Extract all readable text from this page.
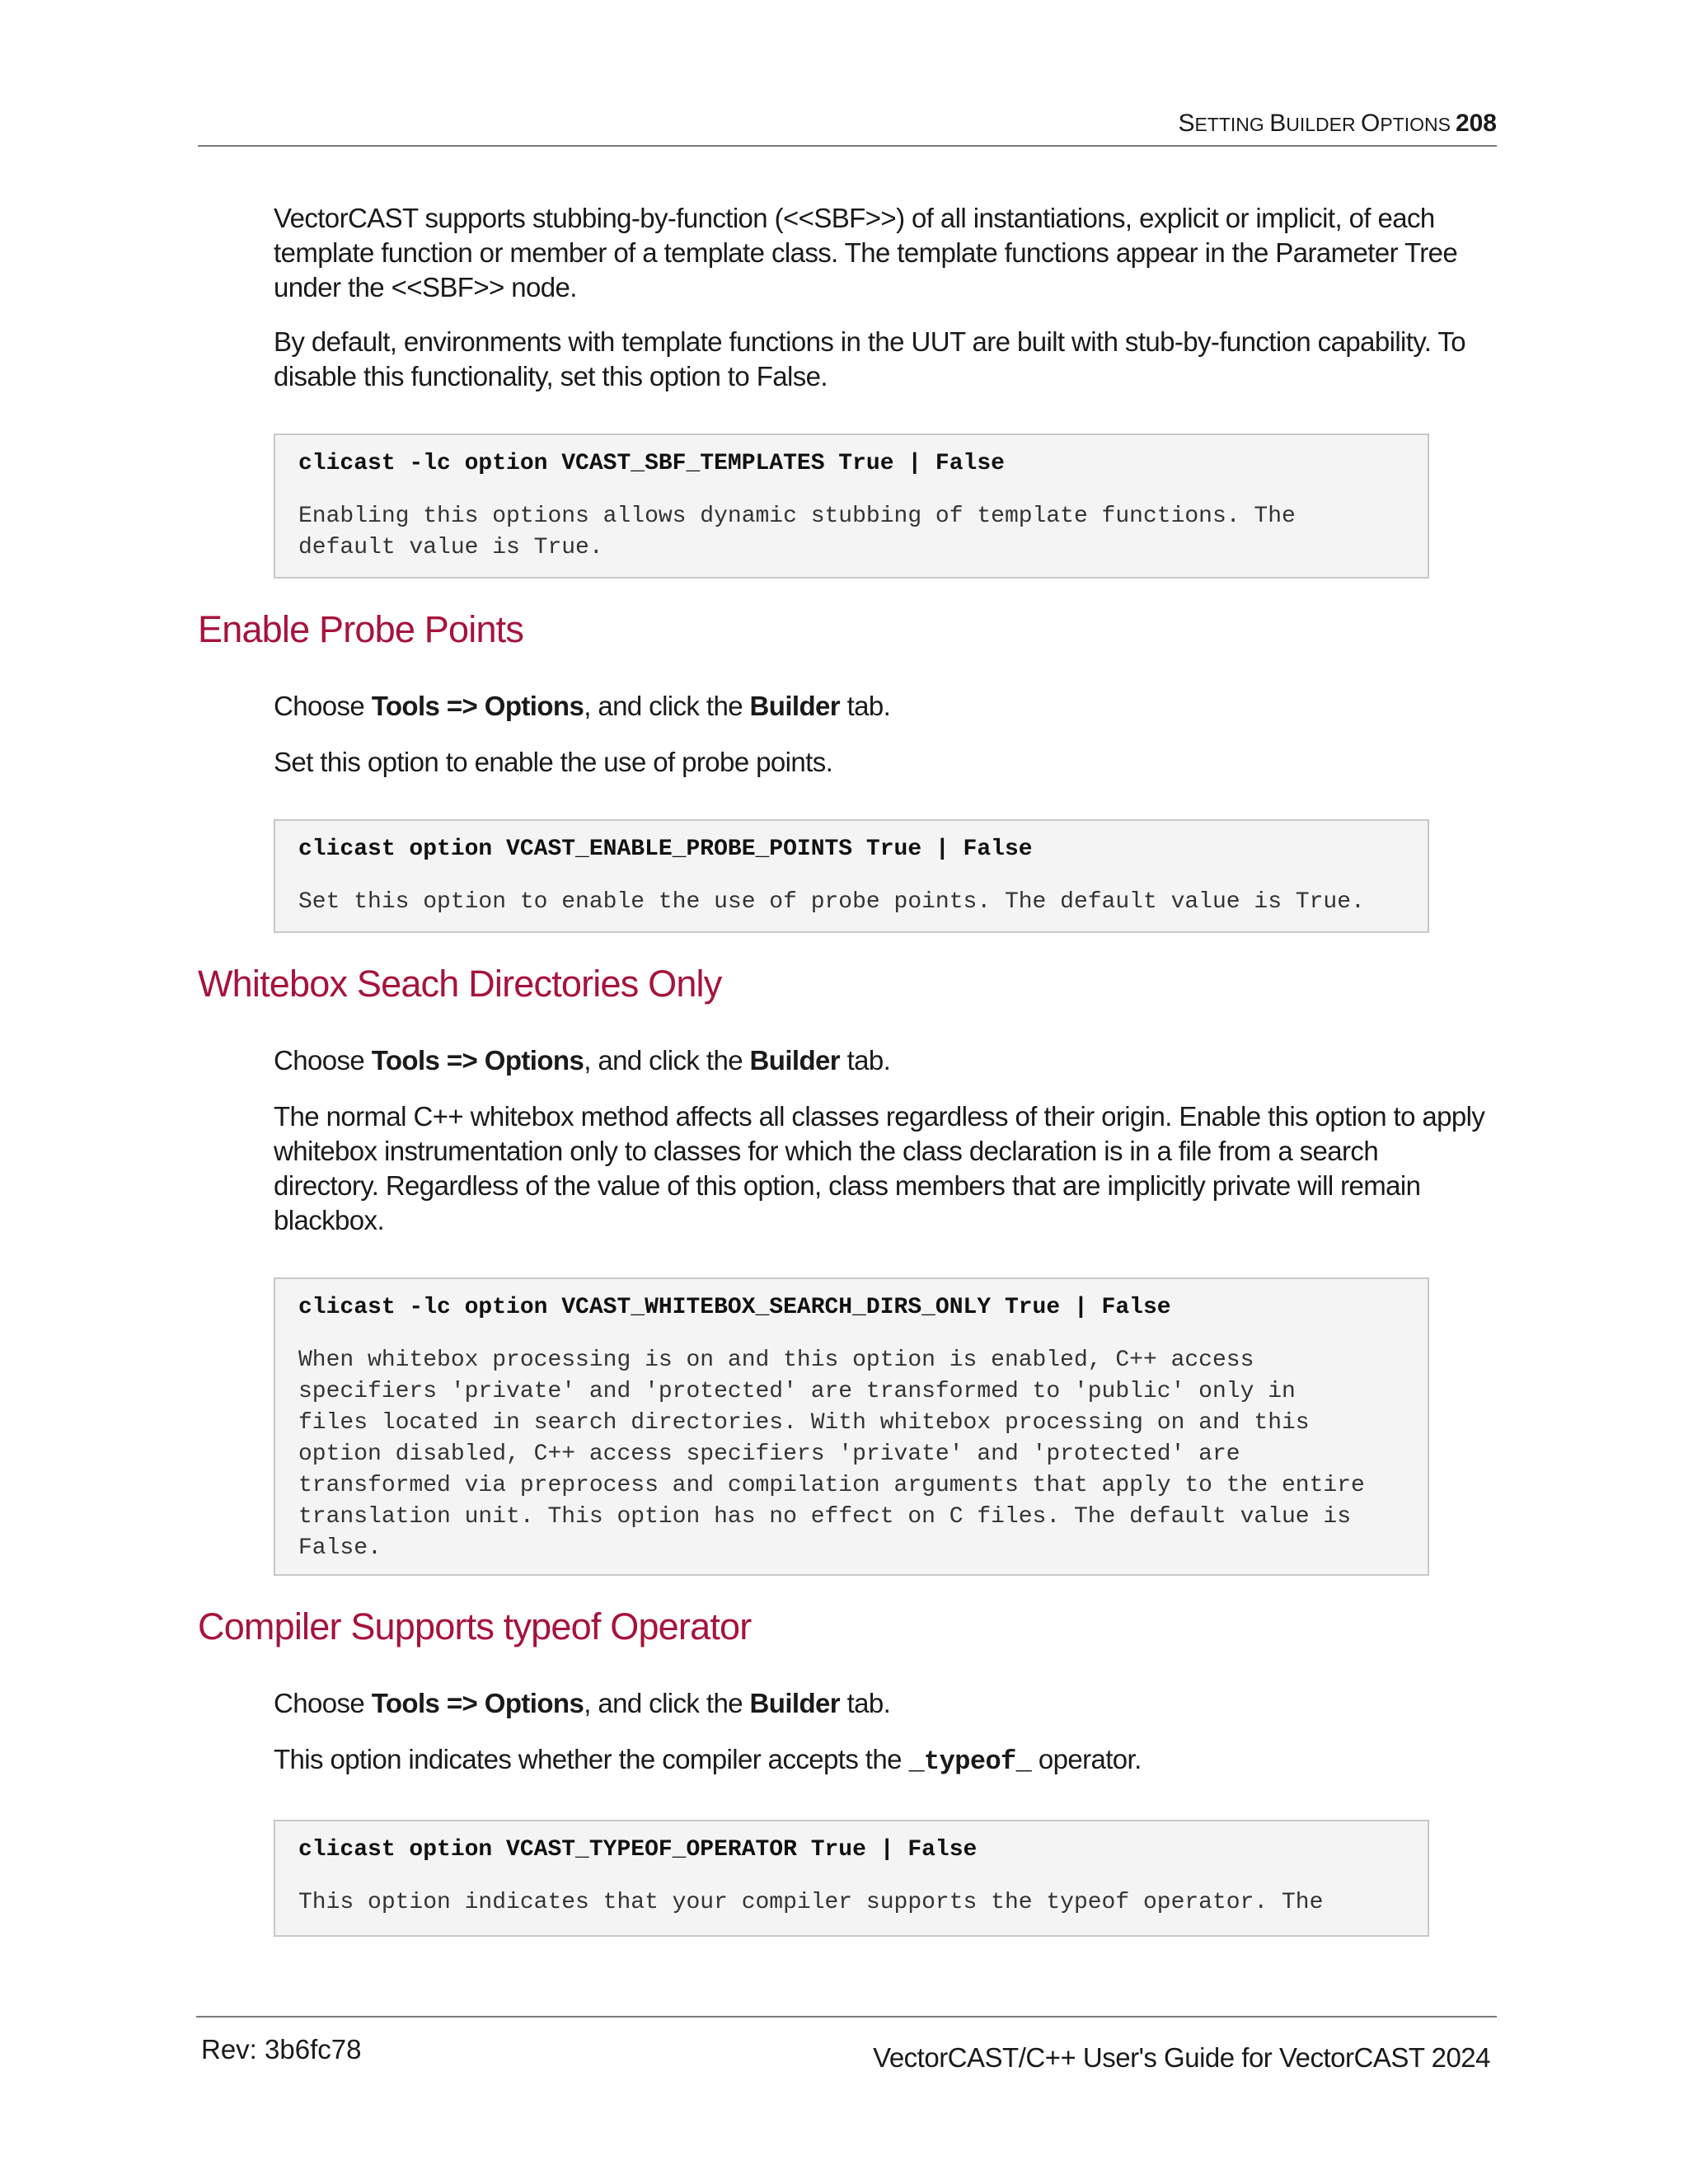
SETTING BUILDER OPTIONS 208

VectorCAST supports stubbing-by-function (<<SBF>>) of all instantiations, explicit or implicit, of each template function or member of a template class. The template functions appear in the Parameter Tree under the <<SBF>> node.

By default, environments with template functions in the UUT are built with stub-by-function capability. To disable this functionality, set this option to False.

clicast -lc option VCAST_SBF_TEMPLATES True | False
Enabling this options allows dynamic stubbing of template functions. The
default value is True.
Enable Probe Points

Choose Tools => Options, and click the Builder tab.

Set this option to enable the use of probe points.

clicast option VCAST_ENABLE_PROBE_POINTS True | False
Set this option to enable the use of probe points. The default value is True.
Whitebox Seach Directories Only

Choose Tools => Options, and click the Builder tab.

The normal C++ whitebox method affects all classes regardless of their origin. Enable this option to apply whitebox instrumentation only to classes for which the class declaration is in a file from a search directory. Regardless of the value of this option, class members that are implicitly private will remain blackbox.

clicast -lc option VCAST_WHITEBOX_SEARCH_DIRS_ONLY True | False
When whitebox processing is on and this option is enabled, C++ access
specifiers 'private' and 'protected' are transformed to 'public' only in
files located in search directories. With whitebox processing on and this
option disabled, C++ access specifiers 'private' and 'protected' are
transformed via preprocess and compilation arguments that apply to the entire
translation unit. This option has no effect on C files. The default value is
False.
Compiler Supports typeof Operator

Choose Tools => Options, and click the Builder tab.

This option indicates whether the compiler accepts the _typeof_ operator.

clicast option VCAST_TYPEOF_OPERATOR True | False
This option indicates that your compiler supports the typeof operator. The
Rev: 3b6fc78	VectorCAST/C++ User's Guide for VectorCAST 2024
